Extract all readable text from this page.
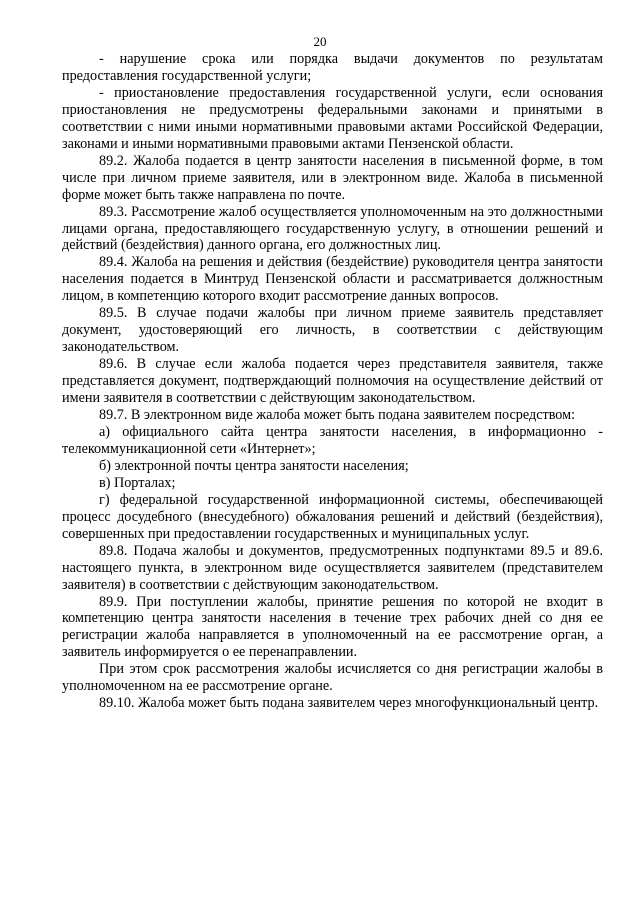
20

- нарушение срока или порядка выдачи документов по результатам предоставления государственной услуги;

- приостановление предоставления государственной услуги, если основания приостановления не предусмотрены федеральными законами и принятыми в соответствии с ними иными нормативными правовыми актами Российской Федерации, законами и иными нормативными правовыми актами Пензенской области.

89.2. Жалоба подается в центр занятости населения в письменной форме, в том числе при личном приеме заявителя, или в электронном виде. Жалоба в письменной форме может быть также направлена по почте.

89.3. Рассмотрение жалоб осуществляется уполномоченным на это должностными лицами органа, предоставляющего государственную услугу, в отношении решений и действий (бездействия) данного органа, его должностных лиц.

89.4. Жалоба на решения и действия (бездействие) руководителя центра занятости населения подается в Минтруд Пензенской области и рассматривается должностным лицом, в компетенцию которого входит рассмотрение данных вопросов.

89.5. В случае подачи жалобы при личном приеме заявитель представляет документ, удостоверяющий его личность, в соответствии с действующим законодательством.

89.6. В случае если жалоба подается через представителя заявителя, также представляется документ, подтверждающий полномочия на осуществление действий от имени заявителя в соответствии с действующим законодательством.

89.7. В электронном виде жалоба может быть подана заявителем посредством:

а) официального сайта центра занятости населения, в информационно - телекоммуникационной сети «Интернет»;

б) электронной почты центра занятости населения;

в) Порталах;

г) федеральной государственной информационной системы, обеспечивающей процесс досудебного (внесудебного) обжалования решений и действий (бездействия), совершенных при предоставлении государственных и муниципальных услуг.

89.8. Подача жалобы и документов, предусмотренных подпунктами 89.5 и 89.6. настоящего пункта, в электронном виде осуществляется заявителем (представителем заявителя) в соответствии с действующим законодательством.

89.9. При поступлении жалобы, принятие решения по которой не входит в компетенцию центра занятости населения в течение трех рабочих дней со дня ее регистрации жалоба направляется в уполномоченный на ее рассмотрение орган, а заявитель информируется о ее перенаправлении.

При этом срок рассмотрения жалобы исчисляется со дня регистрации жалобы в уполномоченном на ее рассмотрение органе.

89.10. Жалоба может быть подана заявителем через многофункциональный центр.
